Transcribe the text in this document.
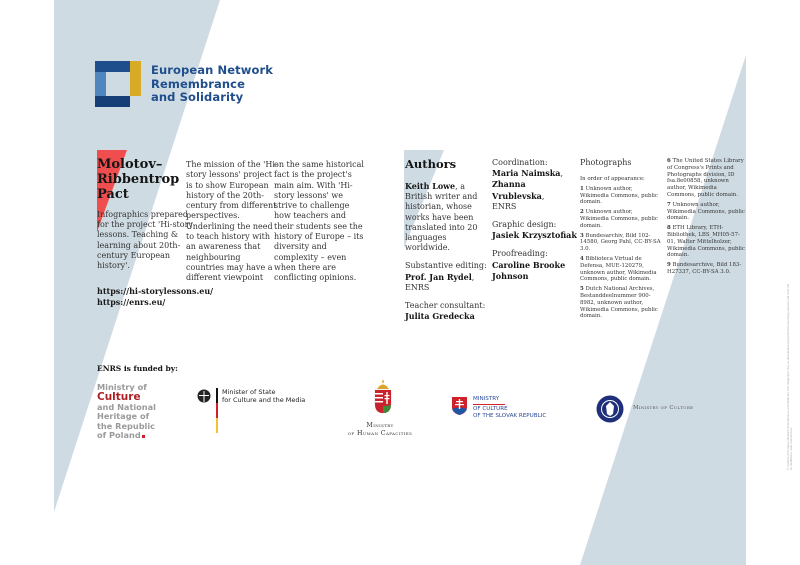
European Network
Remembrance
and Solidarity
Molotov–
Ribbentrop
Pact
Infographics prepared for the project 'Hi-story lessons. Teaching & learning about 20th-century European history'.
https://hi-storylessons.eu/
https://enrs.eu/
The mission of the 'Hi-story lessons' project is to show European history of the 20th-century from different perspectives. Underlining the need to teach history with an awareness that neighbouring countries may have a different viewpoint
on the same historical fact is the project's main aim. With 'Hi-story lessons' we strive to challenge how teachers and their students see the history of Europe – its diversity and complexity – even when there are conflicting opinions.
Authors
Keith Lowe, a British writer and historian, whose works have been translated into 20 languages worldwide.
Substantive editing:
Prof. Jan Rydel, ENRS
Teacher consultant:
Julita Gredecka
Coordination:
Maria Naimska,
Zhanna Vrublevska,
ENRS
Graphic design:
Jasiek Krzysztofiak
Proofreading:
Caroline Brooke Johnson
Photographs

In order of appearance:

1 Unknown author, Wikimedia Commons, public domain.

2 Unknown author, Wikimedia Commons, public domain.

3 Bundesarchiv, Bild 102-14580, Georg Pahl, CC-BY-SA 3.0.

4 Biblioteca Virtual de Defensa, MUE-120279, unknown author, Wikimedia Commons, public domain.

5 Dutch National Archives, Bestanddeelnummer 900-8982, unknown author, Wikimedia Commons, public domain.

6 The United States Library of Congress's Prints and Photographs division, ID fsa.8e00858, unknown author, Wikimedia Commons, public domain.

7 Unknown author, Wikimedia Commons, public domain.

8 ETH Library, ETH-Bibliothek, LBS_MH05-57-01, Walter Mittelholzer, Wikimedia Commons, public domain.

9 Bundesarchive, Bild 183-H27337, CC-BY-SA 3.0.

ENRS is funded by:
Ministry of
Culture
and National
Heritage of
the Republic
of Poland
Minister of State
for Culture and the Media
Ministry
of Human Capacities
MINISTRY
OF CULTURE
OF THE SLOVAK REPUBLIC
Ministry of Culture	© Institute of European Network Remembrance and Solidarity. This infographic may be downloaded and printed for teaching purposes and must not be modified or used commercially.
